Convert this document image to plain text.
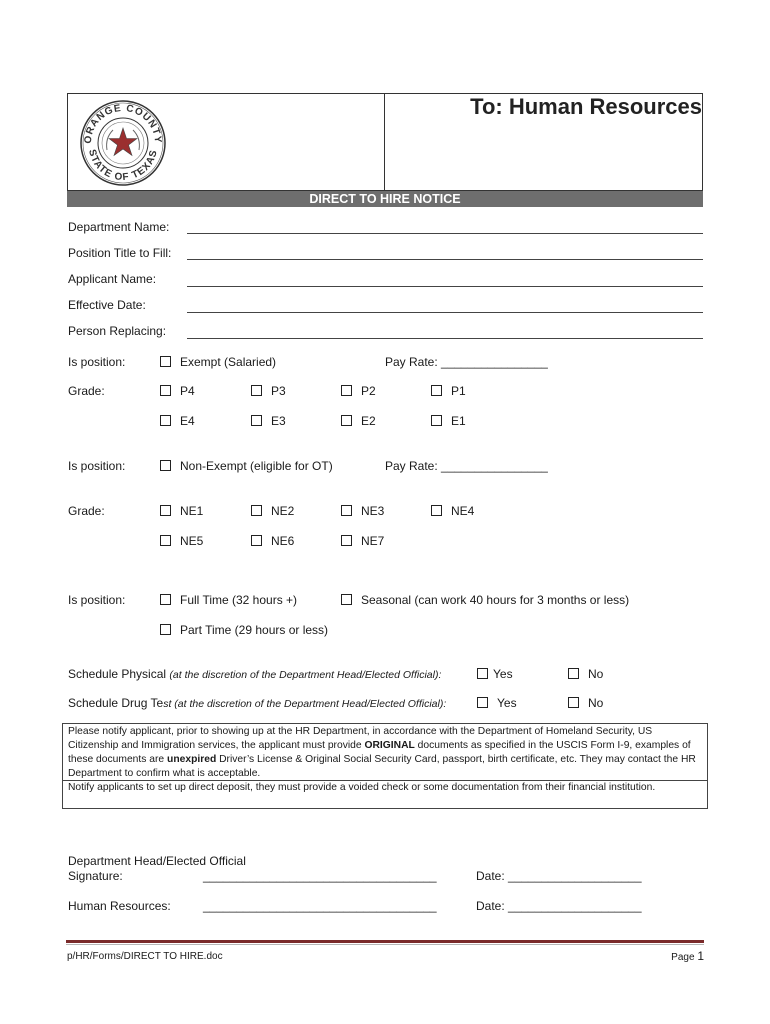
ORANGE COUNTY
STATE OF TEXAS
To: Human Resources
DIRECT TO HIRE NOTICE
Department Name:
Position Title to Fill:
Applicant Name:
Effective Date:
Person Replacing:
Is position:	Exempt (Salaried)	Pay Rate: ________________
Grade:	P4	P3	P2	P1
E4	E3	E2	E1
Is position:	Non-Exempt (eligible for OT)	Pay Rate: ________________
Grade:	NE1	NE2	NE3	NE4
NE5	NE6	NE7
Is position:	Full Time (32 hours +)	Seasonal (can work 40 hours for 3 months or less)
Part Time (29 hours or less)
Schedule Physical (at the discretion of the Department Head/Elected Official):	Yes	No
Schedule Drug Test (at the discretion of the Department Head/Elected Official):	Yes	No
Please notify applicant, prior to showing up at the HR Department, in accordance with the Department of Homeland Security, US Citizenship and Immigration services, the applicant must provide ORIGINAL documents as specified in the USCIS Form I-9, examples of these documents are unexpired Driver’s License & Original Social Security Card, passport, birth certificate, etc. They may contact the HR Department to confirm what is acceptable.
Notify applicants to set up direct deposit, they must provide a voided check or some documentation from their financial institution.
Department Head/Elected Official
Signature:	___________________________________	Date: ____________________
Human Resources:	___________________________________	Date: ____________________
p/HR/Forms/DIRECT TO HIRE.doc	Page 1
